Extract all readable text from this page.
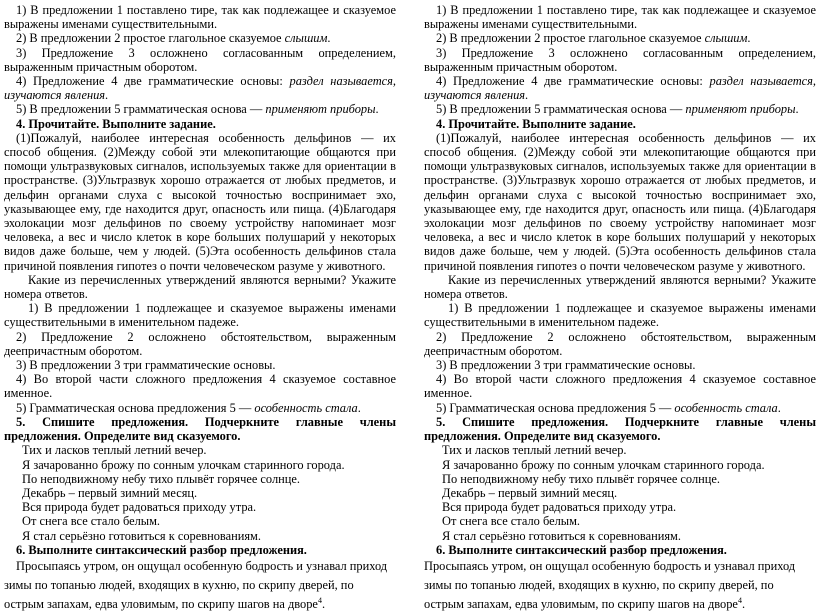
1) В предложении 1 поставлено тире, так как подлежащее и сказуемое выражены именами существительными.

2) В предложении 2 простое глагольное сказуемое слышим.

3) Предложение 3 осложнено согласованным определением, выраженным причастным оборотом.

4) Предложение 4 две грамматические основы: раздел называется, изучаются явления.

5) В предложении 5 грамматическая основа — применяют приборы.

4. Прочитайте. Выполните задание.

(1)Пожалуй, наиболее интересная особенность дельфинов — их способ общения. (2)Между собой эти млекопитающие общаются при помощи ультразвуковых сигналов, используемых также для ориентации в пространстве. (3)Ультразвук хорошо отражается от любых предметов, и дельфин органами слуха с высокой точностью воспринимает эхо, указывающее ему, где находится друг, опасность или пища. (4)Благодаря эхолокации мозг дельфинов по своему устройству напоминает мозг человека, а вес и число клеток в коре больших полушарий у некоторых видов даже больше, чем у людей. (5)Эта особенность дельфинов стала причиной появления гипотез о почти человеческом разуме у животного.

Какие из перечисленных утверждений являются верными? Укажите номера ответов.

1) В предложении 1 подлежащее и сказуемое выражены именами существительными в именительном падеже.

2) Предложение 2 осложнено обстоятельством, выраженным деепричастным оборотом.

3) В предложении 3 три грамматические основы.

4) Во второй части сложного предложения 4 сказуемое составное именное.

5) Грамматическая основа предложения 5 — особенность стала.

5. Спишите предложения. Подчеркните главные члены предложения. Определите вид сказуемого.

Тих и ласков теплый летний вечер.

Я зачарованно брожу по сонным улочкам старинного города.

По неподвижному небу тихо плывёт горячее солнце.

Декабрь – первый зимний месяц.

Вся природа будет радоваться приходу утра.

От снега все стало белым.

Я стал серьёзно готовиться к соревнованиям.

6. Выполните синтаксический разбор предложения.

Просыпаясь утром, он ощущал особенную бодрость и узнавал приход зимы по топанью людей, входящих в кухню, по скрипу дверей, по острым запахам, едва уловимым, по скрипу шагов на дворе$^4$.

1) В предложении 1 поставлено тире, так как подлежащее и сказуемое выражены именами существительными.

2) В предложении 2 простое глагольное сказуемое слышим.

3) Предложение 3 осложнено согласованным определением, выраженным причастным оборотом.

4) Предложение 4 две грамматические основы: раздел называется, изучаются явления.

5) В предложении 5 грамматическая основа — применяют приборы.

4. Прочитайте. Выполните задание.

(1)Пожалуй, наиболее интересная особенность дельфинов — их способ общения. (2)Между собой эти млекопитающие общаются при помощи ультразвуковых сигналов, используемых также для ориентации в пространстве. (3)Ультразвук хорошо отражается от любых предметов, и дельфин органами слуха с высокой точностью воспринимает эхо, указывающее ему, где находится друг, опасность или пища. (4)Благодаря эхолокации мозг дельфинов по своему устройству напоминает мозг человека, а вес и число клеток в коре больших полушарий у некоторых видов даже больше, чем у людей. (5)Эта особенность дельфинов стала причиной появления гипотез о почти человеческом разуме у животного.

Какие из перечисленных утверждений являются верными? Укажите номера ответов.

1) В предложении 1 подлежащее и сказуемое выражены именами существительными в именительном падеже.

2) Предложение 2 осложнено обстоятельством, выраженным деепричастным оборотом.

3) В предложении 3 три грамматические основы.

4) Во второй части сложного предложения 4 сказуемое составное именное.

5) Грамматическая основа предложения 5 — особенность стала.

5. Спишите предложения. Подчеркните главные члены предложения. Определите вид сказуемого.

Тих и ласков теплый летний вечер.

Я зачарованно брожу по сонным улочкам старинного города.

По неподвижному небу тихо плывёт горячее солнце.

Декабрь – первый зимний месяц.

Вся природа будет радоваться приходу утра.

От снега все стало белым.

Я стал серьёзно готовиться к соревнованиям.

6. Выполните синтаксический разбор предложения.

Просыпаясь утром, он ощущал особенную бодрость и узнавал приход зимы по топанью людей, входящих в кухню, по скрипу дверей, по острым запахам, едва уловимым, по скрипу шагов на дворе$^4$.
